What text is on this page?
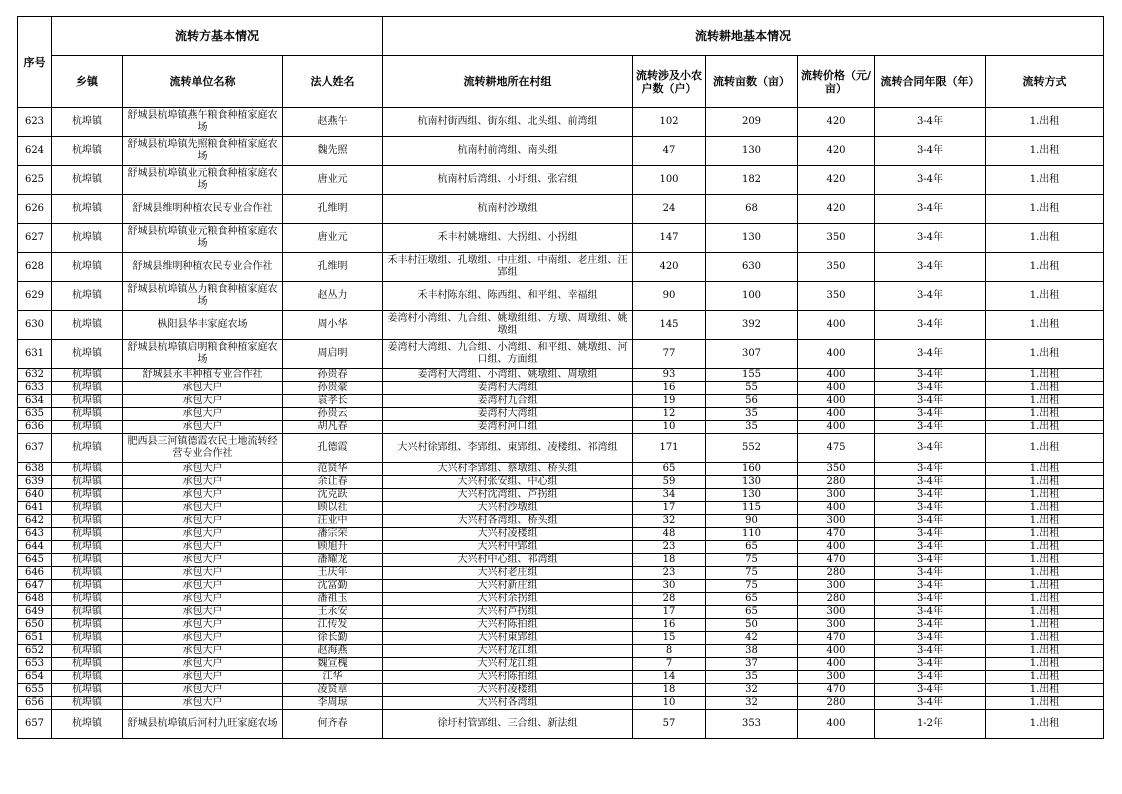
序号	流转方基本情况			流转耕地基本情况					
	乡镇	流转单位名称	法人姓名	流转耕地所在村组	流转涉及小农户数（户）	流转亩数（亩）	流转价格（元/亩）	流转合同年限（年）	流转方式
623	杭埠镇	舒城县杭埠镇燕午粮食种植家庭农场	赵燕午	杭南村街西组、街东组、北头组、前湾组	102	209	420	3-4年	1.出租
624	杭埠镇	舒城县杭埠镇先照粮食种植家庭农场	魏先照	杭南村前湾组、南头组	47	130	420	3-4年	1.出租
625	杭埠镇	舒城县杭埠镇业元粮食种植家庭农场	唐业元	杭南村后湾组、小圩组、张宕组	100	182	420	3-4年	1.出租
626	杭埠镇	舒城县维明种植农民专业合作社	孔维明	杭南村沙墩组	24	68	420	3-4年	1.出租
627	杭埠镇	舒城县杭埠镇业元粮食种植家庭农场	唐业元	禾丰村姚塘组、大拐组、小拐组	147	130	350	3-4年	1.出租
628	杭埠镇	舒城县维明种植农民专业合作社	孔维明	禾丰村汪墩组、孔墩组、中庄组、中南组、老庄组、汪郢组	420	630	350	3-4年	1.出租
629	杭埠镇	舒城县杭埠镇丛力粮食种植家庭农场	赵丛力	禾丰村陈东组、陈西组、和平组、幸福组	90	100	350	3-4年	1.出租
630	杭埠镇	枞阳县华丰家庭农场	周小华	姜湾村小湾组、九合组、姚墩组组、方墩、周墩组、姚墩组	145	392	400	3-4年	1.出租
631	杭埠镇	舒城县杭埠镇启明粮食种植家庭农场	周启明	姜湾村大湾组、九合组、小湾组、和平组、姚墩组、河口组、方面组	77	307	400	3-4年	1.出租
632	杭埠镇	舒城县永丰种植专业合作社	孙贵春	姜湾村大湾组、小湾组、姚墩组、周墩组	93	155	400	3-4年	1.出租
633	杭埠镇	承包大户	孙贵豪	姜湾村大湾组	16	55	400	3-4年	1.出租
634	杭埠镇	承包大户	袁孝长	姜湾村九合组	19	56	400	3-4年	1.出租
635	杭埠镇	承包大户	孙贵云	姜湾村大湾组	12	35	400	3-4年	1.出租
636	杭埠镇	承包大户	胡凡春	姜湾村河口组	10	35	400	3-4年	1.出租
637	杭埠镇	肥西县三河镇德霞农民土地流转经营专业合作社	孔德霞	大兴村徐郢组、李郢组、東郢组、凌楼组、祁湾组	171	552	475	3-4年	1.出租
638	杭埠镇	承包大户	范贤华	大兴村李郢组、蔡墩组、桥头组	65	160	350	3-4年	1.出租
639	杭埠镇	承包大户	余让春	大兴村张安组、中心组	59	130	280	3-4年	1.出租
640	杭埠镇	承包大户	沈克跃	大兴村沈湾组、芦拐组	34	130	300	3-4年	1.出租
641	杭埠镇	承包大户	顾以社	大兴村沙墩组	17	115	400	3-4年	1.出租
642	杭埠镇	承包大户	汪业中	大兴村各湾组、桥头组	32	90	300	3-4年	1.出租
643	杭埠镇	承包大户	潘宗荣	大兴村凌楼组	48	110	470	3-4年	1.出租
644	杭埠镇	承包大户	顾旭升	大兴村中郢组	23	65	400	3-4年	1.出租
645	杭埠镇	承包大户	潘耀龙	大兴村中心组、祁湾组	18	75	470	3-4年	1.出租
646	杭埠镇	承包大户	王庆年	大兴村老庄组	23	75	280	3-4年	1.出租
647	杭埠镇	承包大户	沈富勤	大兴村新庄组	30	75	300	3-4年	1.出租
648	杭埠镇	承包大户	潘祖玉	大兴村余拐组	28	65	280	3-4年	1.出租
649	杭埠镇	承包大户	王永安	大兴村芦拐组	17	65	300	3-4年	1.出租
650	杭埠镇	承包大户	江传发	大兴村陈拍组	16	50	300	3-4年	1.出租
651	杭埠镇	承包大户	徐长勤	大兴村東郢组	15	42	470	3-4年	1.出租
652	杭埠镇	承包大户	赵海燕	大兴村龙江组	8	38	400	3-4年	1.出租
653	杭埠镇	承包大户	魏宣槐	大兴村龙江组	7	37	400	3-4年	1.出租
654	杭埠镇	承包大户	江华	大兴村陈拍组	14	35	300	3-4年	1.出租
655	杭埠镇	承包大户	凌贤章	大兴村凌楼组	18	32	470	3-4年	1.出租
656	杭埠镇	承包大户	李周琼	大兴村各湾组	10	32	280	3-4年	1.出租
657	杭埠镇	舒城县杭埠镇后河村九旺家庭农场	何齐春	徐圩村管郢组、三合组、新法组	57	353	400	1-2年	1.出租
